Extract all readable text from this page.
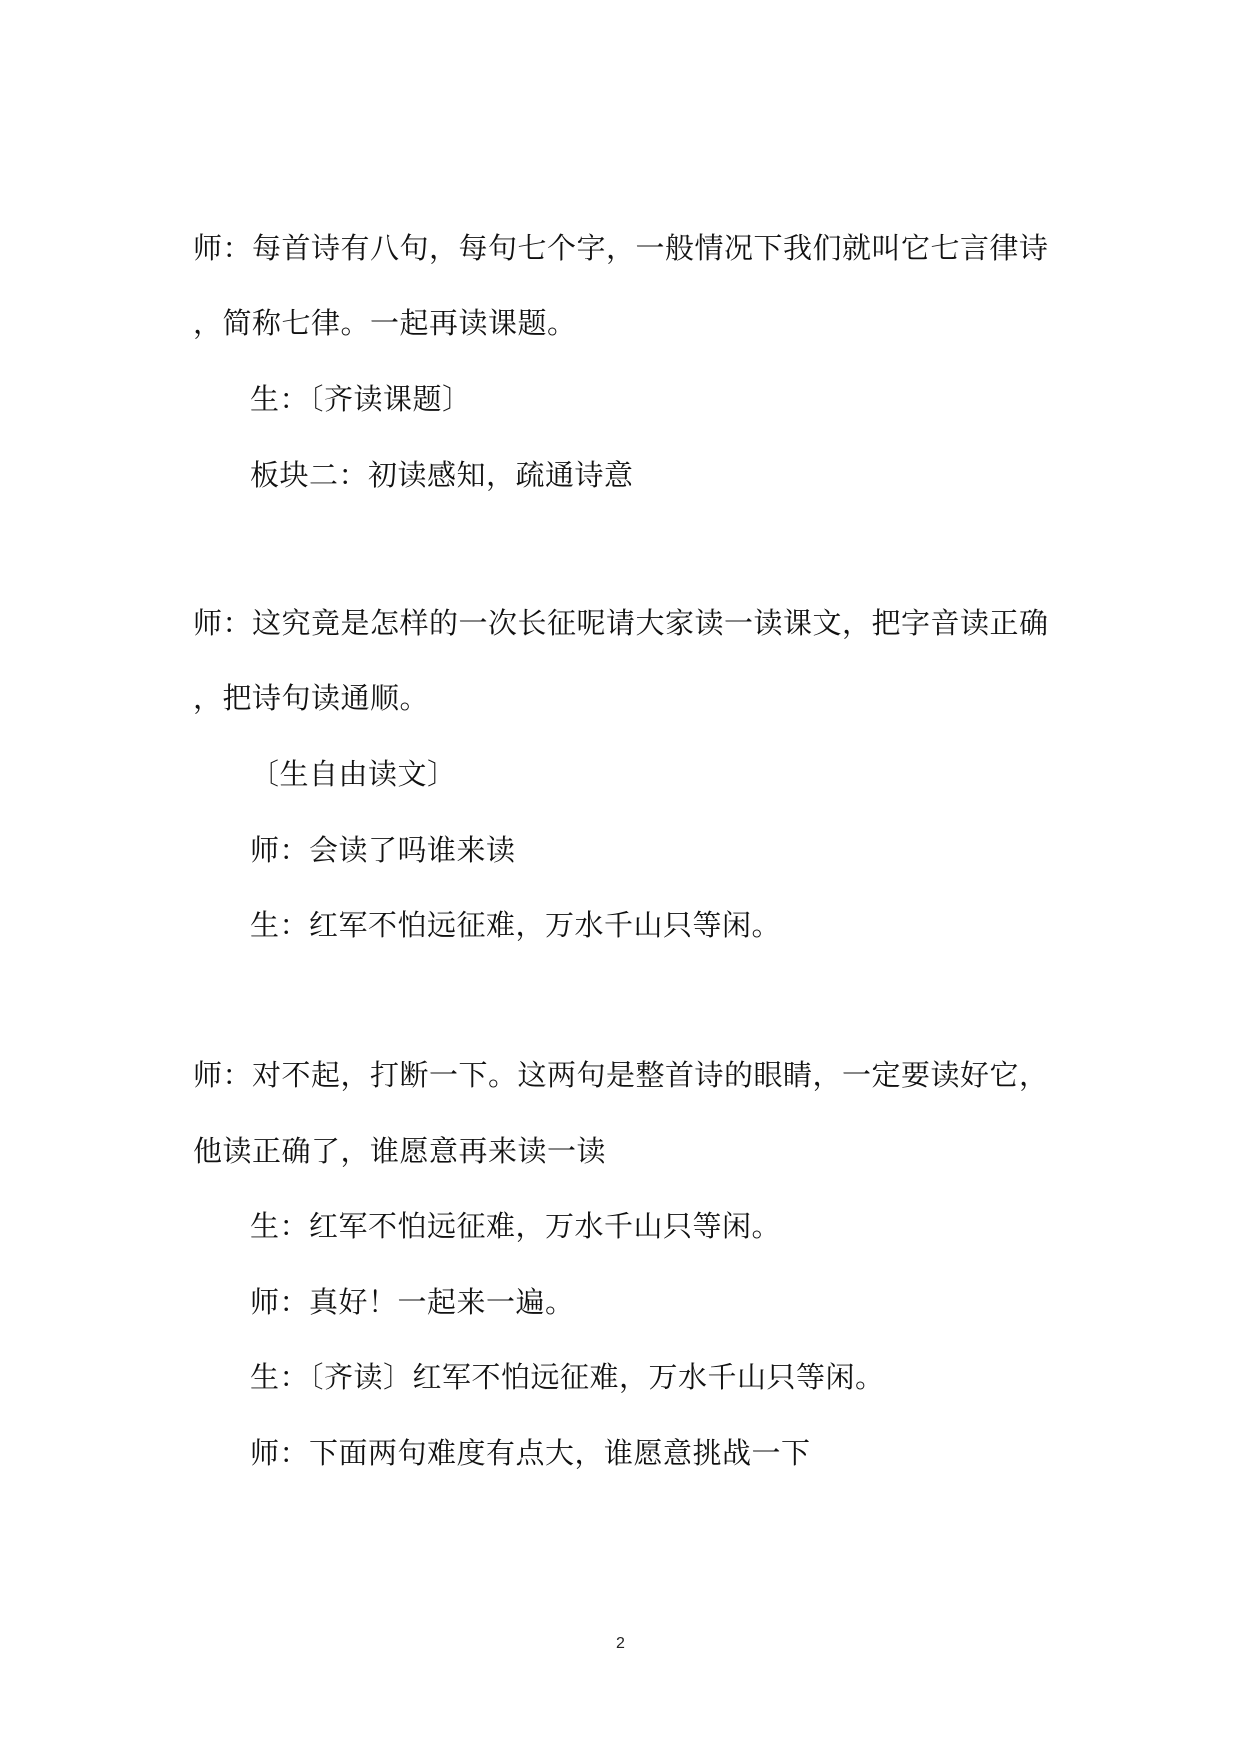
师：每首诗有八句，每句七个字，一般情况下我们就叫它七言律诗
，简称七律。一起再读课题。
生：〔齐读课题〕
板块二：初读感知，疏通诗意
师：这究竟是怎样的一次长征呢请大家读一读课文，把字音读正确
，把诗句读通顺。
〔生自由读文〕
师：会读了吗谁来读
生：红军不怕远征难，万水千山只等闲。
师：对不起，打断一下。这两句是整首诗的眼睛，一定要读好它，
他读正确了，谁愿意再来读一读
生：红军不怕远征难，万水千山只等闲。
师：真好！一起来一遍。
生：〔齐读〕红军不怕远征难，万水千山只等闲。
师：下面两句难度有点大，谁愿意挑战一下
2
